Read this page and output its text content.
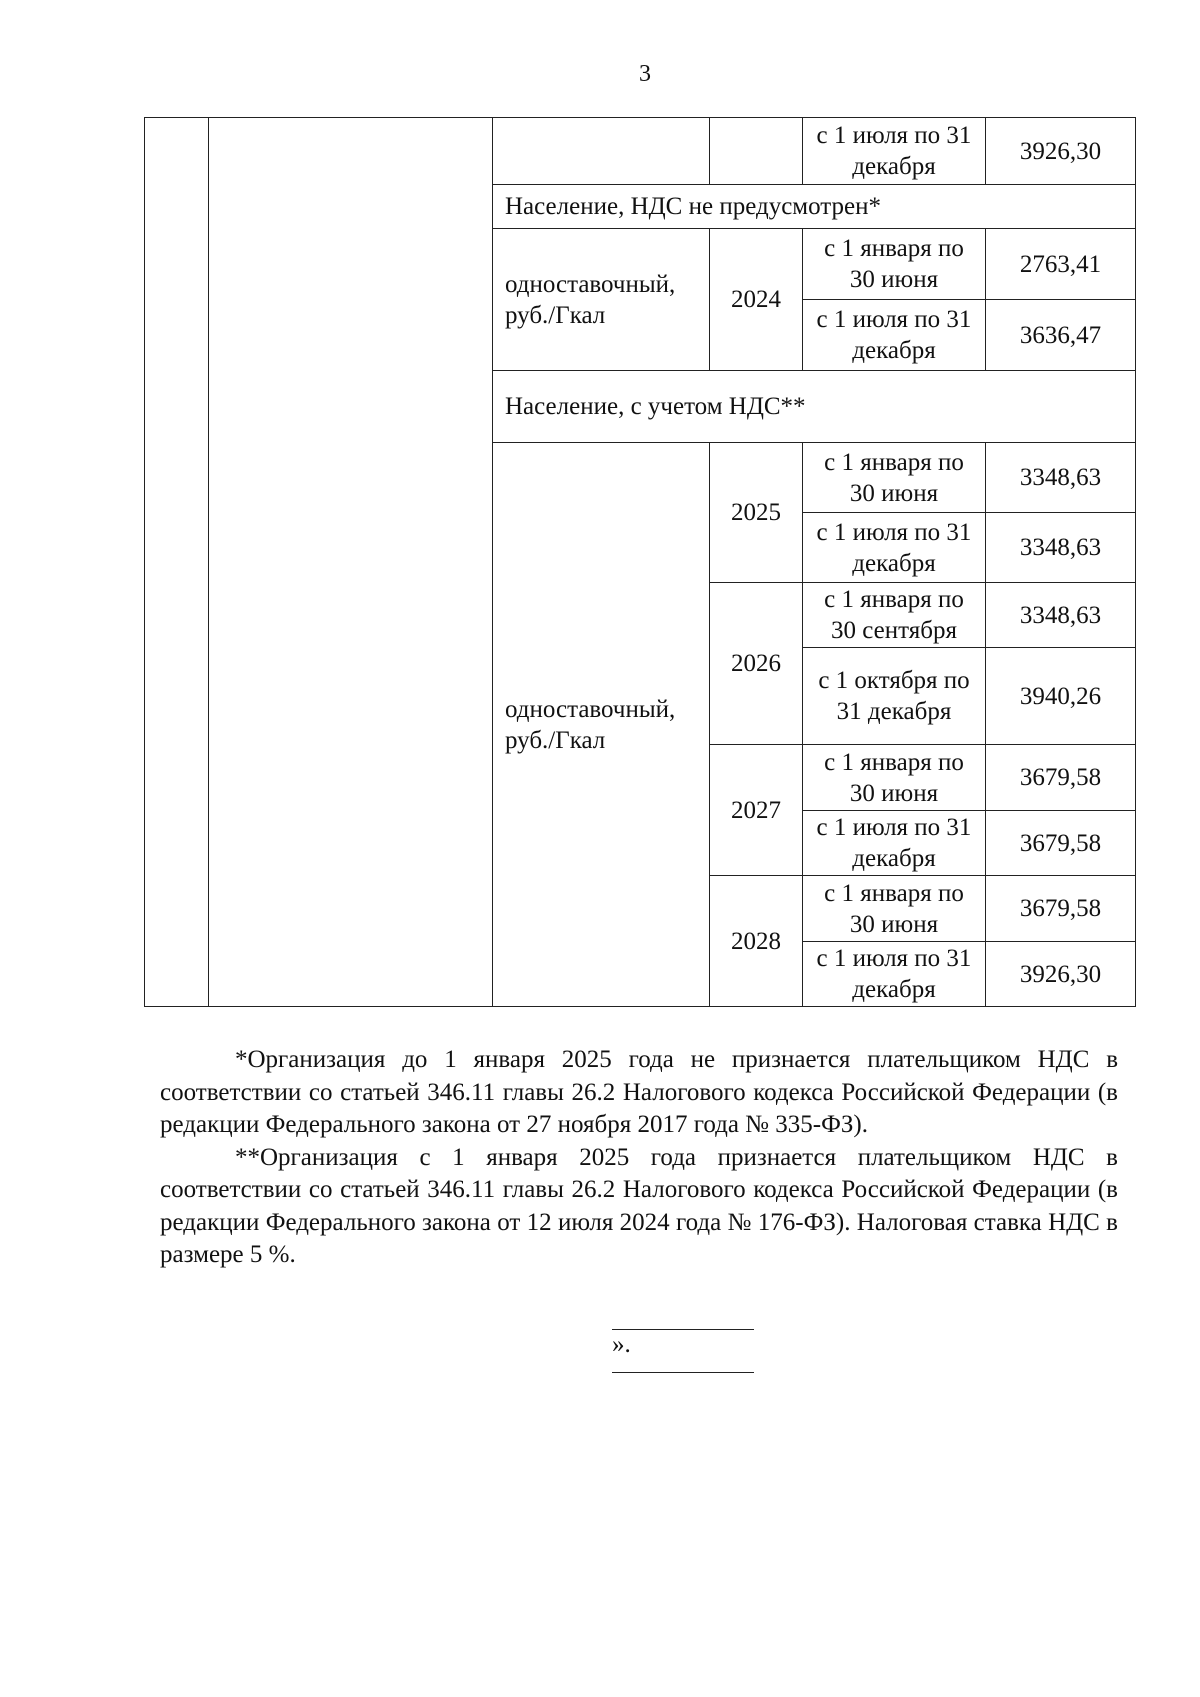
3
				с 1 июля по 31 декабря	3926,30
		Население, НДС не предусмотрен*			
		одноставочный, руб./Гкал	2024	с 1 января по 30 июня	2763,41
				с 1 июля по 31 декабря	3636,47
		Население, с учетом НДС**			
		одноставочный, руб./Гкал	2025	с 1 января по 30 июня	3348,63
				с 1 июля по 31 декабря	3348,63
			2026	с 1 января по 30 сентября	3348,63
				с 1 октября по 31 декабря	3940,26
			2027	с 1 января по 30 июня	3679,58
				с 1 июля по 31 декабря	3679,58
			2028	с 1 января по 30 июня	3679,58
				с 1 июля по 31 декабря	3926,30

*Организация до 1 января 2025 года не признается плательщиком НДС в соответствии со статьей 346.11 главы 26.2 Налогового кодекса Российской Федерации (в редакции Федерального закона от 27 ноября 2017 года № 335-ФЗ).

**Организация с 1 января 2025 года признается плательщиком НДС в соответствии со статьей 346.11 главы 26.2 Налогового кодекса Российской Федерации (в редакции Федерального закона от 12 июля 2024 года № 176-ФЗ). Налоговая ставка НДС в размере 5 %.

».
